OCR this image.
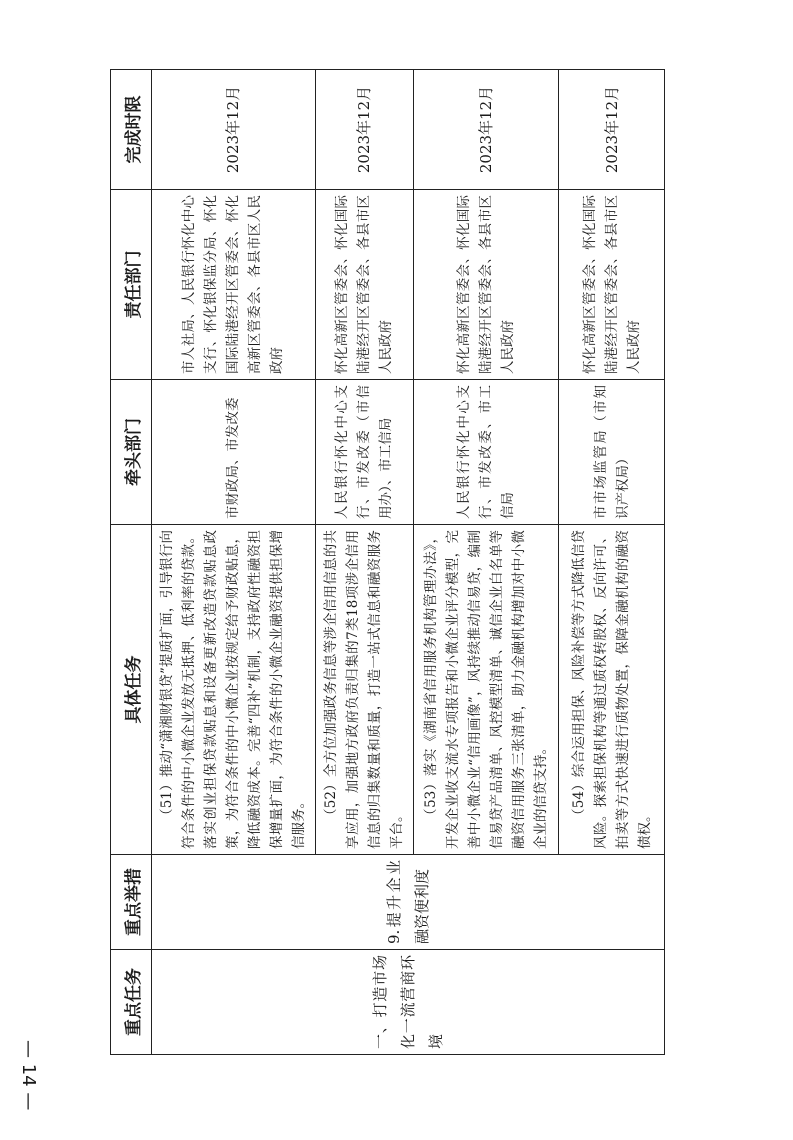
— 14 —
重点任务	重点举措	具体任务	牵头部门	责任部门	完成时限

一、打造市场化一流营商环境	9.提升企业融资便利度	（51）推动“潇湘财银贷”提质扩面，引导银行向符合条件的中小微企业发放无抵押、低利率的贷款。落实创业担保贷款贴息和设备更新改造贷款贴息政策，为符合条件的中小微企业按规定给予财政贴息，降低融资成本。完善“四补”机制，支持政府性融资担保增量扩面，为符合条件的小微企业融资提供担保增信服务。	市财政局、市发改委	市人社局、人民银行怀化中心支行、怀化银保监分局、怀化国际陆港经开区管委会、怀化高新区管委会、各县市区人民政府	2023年12月

		（52）全方位加强政务信息等涉企信用信息的共享应用，加强地方政府负责归集的7类18项涉企信用信息的归集数量和质量，打造一站式信息和融资服务平台。	人民银行怀化中心支行、市发改委（市信用办）、市工信局	怀化高新区管委会、怀化国际陆港经开区管委会、各县市区人民政府	2023年12月

		（53）落实《湖南省信用服务机构管理办法》，开发企业收支流水专项报告和小微企业评分模型，完善中小微企业“信用画像”，风持续推动信易贷，编制信易贷产品清单、风控模型清单、诚信企业白名单等融资信用服务三张清单，助力金融机构增加对中小微企业的信贷支持。	人民银行怀化中心支行、市发改委、市工信局	怀化高新区管委会、怀化国际陆港经开区管委会、各县市区人民政府	2023年12月

		（54）综合运用担保、风险补偿等方式降低信贷风险。探索担保机构等通过质权转股权、反向许可、拍卖等方式快速进行质物处置，保障金融机构的融资债权。	市市场监管局（市知识产权局）	怀化高新区管委会、怀化国际陆港经开区管委会、各县市区人民政府	2023年12月
